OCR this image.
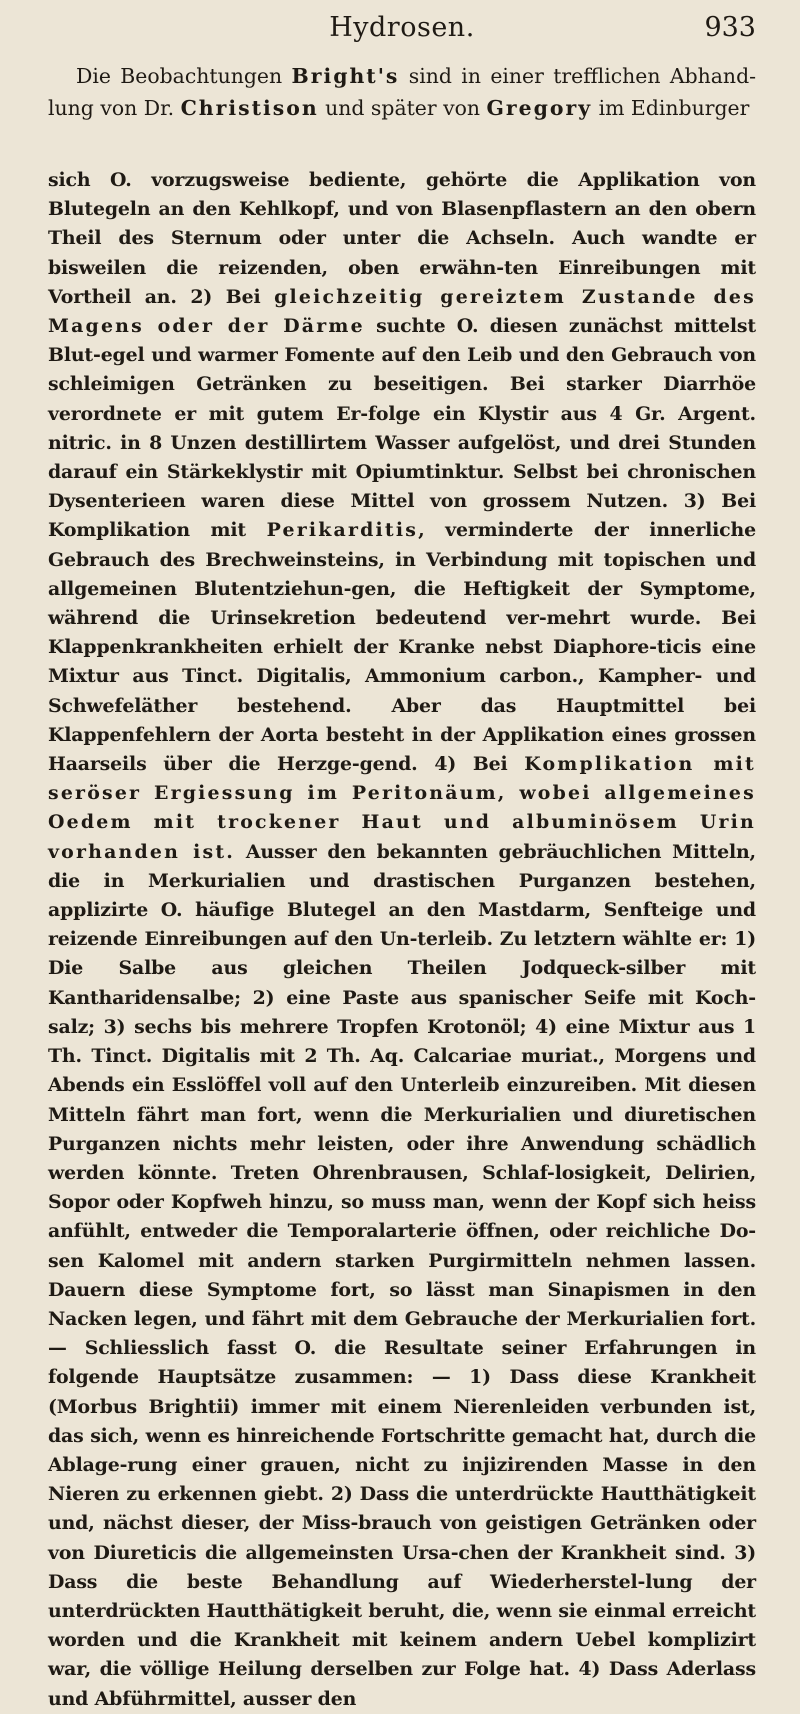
Hydrosen.	933

Die Beobachtungen Bright's sind in einer trefflichen Abhand-lung von Dr. Christison und später von Gregory im Edinburger

sich O. vorzugsweise bediente, gehörte die Applikation von Blutegeln an den Kehlkopf, und von Blasenpflastern an den obern Theil des Sternum oder unter die Achseln. Auch wandte er bisweilen die reizenden, oben erwähn-ten Einreibungen mit Vortheil an. 2) Bei gleichzeitig gereiztem Zustande des Magens oder der Därme suchte O. diesen zunächst mittelst Blut-egel und warmer Fomente auf den Leib und den Gebrauch von schleimigen Getränken zu beseitigen. Bei starker Diarrhöe verordnete er mit gutem Er-folge ein Klystir aus 4 Gr. Argent. nitric. in 8 Unzen destillirtem Wasser aufgelöst, und drei Stunden darauf ein Stärkeklystir mit Opiumtinktur. Selbst bei chronischen Dysenterieen waren diese Mittel von grossem Nutzen. 3) Bei Komplikation mit Perikarditis, verminderte der innerliche Gebrauch des Brechweinsteins, in Verbindung mit topischen und allgemeinen Blutentziehun-gen, die Heftigkeit der Symptome, während die Urinsekretion bedeutend ver-mehrt wurde. Bei Klappenkrankheiten erhielt der Kranke nebst Diaphore-ticis eine Mixtur aus Tinct. Digitalis, Ammonium carbon., Kampher- und Schwefeläther bestehend. Aber das Hauptmittel bei Klappenfehlern der Aorta besteht in der Applikation eines grossen Haarseils über die Herzge-gend. 4) Bei Komplikation mit seröser Ergiessung im Peritonäum, wobei allgemeines Oedem mit trockener Haut und albuminösem Urin vorhanden ist. Ausser den bekannten gebräuchlichen Mitteln, die in Merkurialien und drastischen Purganzen bestehen, applizirte O. häufige Blutegel an den Mastdarm, Senfteige und reizende Einreibungen auf den Un-terleib. Zu letztern wählte er: 1) Die Salbe aus gleichen Theilen Jodqueck-silber mit Kantharidensalbe; 2) eine Paste aus spanischer Seife mit Koch-salz; 3) sechs bis mehrere Tropfen Krotonöl; 4) eine Mixtur aus 1 Th. Tinct. Digitalis mit 2 Th. Aq. Calcariae muriat., Morgens und Abends ein Esslöffel voll auf den Unterleib einzureiben. Mit diesen Mitteln fährt man fort, wenn die Merkurialien und diuretischen Purganzen nichts mehr leisten, oder ihre Anwendung schädlich werden könnte. Treten Ohrenbrausen, Schlaf-losigkeit, Delirien, Sopor oder Kopfweh hinzu, so muss man, wenn der Kopf sich heiss anfühlt, entweder die Temporalarterie öffnen, oder reichliche Do-sen Kalomel mit andern starken Purgirmitteln nehmen lassen. Dauern diese Symptome fort, so lässt man Sinapismen in den Nacken legen, und fährt mit dem Gebrauche der Merkurialien fort. — Schliesslich fasst O. die Resultate seiner Erfahrungen in folgende Hauptsätze zusammen: — 1) Dass diese Krankheit (Morbus Brightii) immer mit einem Nierenleiden verbunden ist, das sich, wenn es hinreichende Fortschritte gemacht hat, durch die Ablage-rung einer grauen, nicht zu injizirenden Masse in den Nieren zu erkennen giebt. 2) Dass die unterdrückte Hautthätigkeit und, nächst dieser, der Miss-brauch von geistigen Getränken oder von Diureticis die allgemeinsten Ursa-chen der Krankheit sind. 3) Dass die beste Behandlung auf Wiederherstel-lung der unterdrückten Hautthätigkeit beruht, die, wenn sie einmal erreicht worden und die Krankheit mit keinem andern Uebel komplizirt war, die völlige Heilung derselben zur Folge hat. 4) Dass Aderlass und Abführmittel, ausser den
